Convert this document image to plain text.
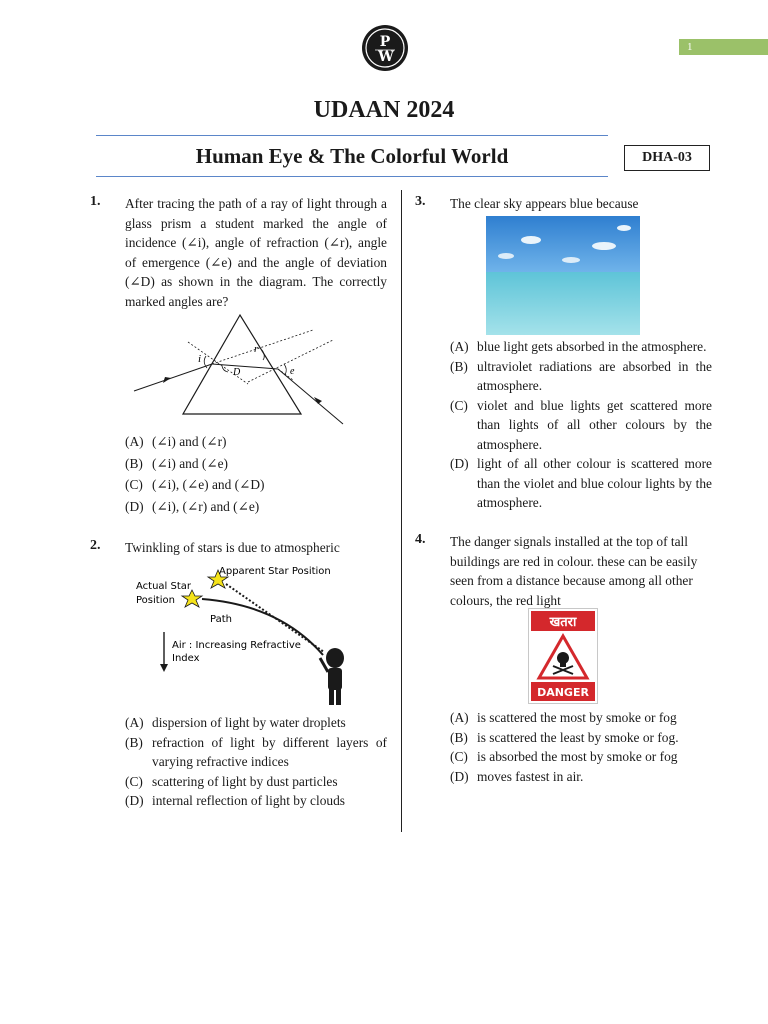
1
P
W
UDAAN 2024
Human Eye & The Colorful World	DHA-03
1. After tracing the path of a ray of light through a glass prism a student marked the angle of incidence (∠i), angle of refraction (∠r), angle of emergence (∠e) and the angle of deviation (∠D) as shown in the diagram. The correctly marked angles are?
i
r
D	e
(A) (∠i) and (∠r)
(B) (∠i) and (∠e)
(C) (∠i), (∠e) and (∠D)
(D) (∠i), (∠r) and (∠e)
2. Twinkling of stars is due to atmospheric
Apparent Star Position
Actual Star
Position
Path
Air : Increasing Refractive
Index
(A) dispersion of light by water droplets
(B) refraction of light by different layers of varying refractive indices
(C) scattering of light by dust particles
(D) internal reflection of light by clouds
3. The clear sky appears blue because
(A) blue light gets absorbed in the atmosphere.
(B) ultraviolet radiations are absorbed in the atmosphere.
(C) violet and blue lights get scattered more than lights of all other colours by the atmosphere.
(D) light of all other colour is scattered more than the violet and blue colour lights by the atmosphere.
4. The danger signals installed at the top of tall buildings are red in colour. these can be easily seen from a distance because among all other colours, the red light
खतरा
DANGER
(A) is scattered the most by smoke or fog
(B) is scattered the least by smoke or fog.
(C) is absorbed the most by smoke or fog
(D) moves fastest in air.
